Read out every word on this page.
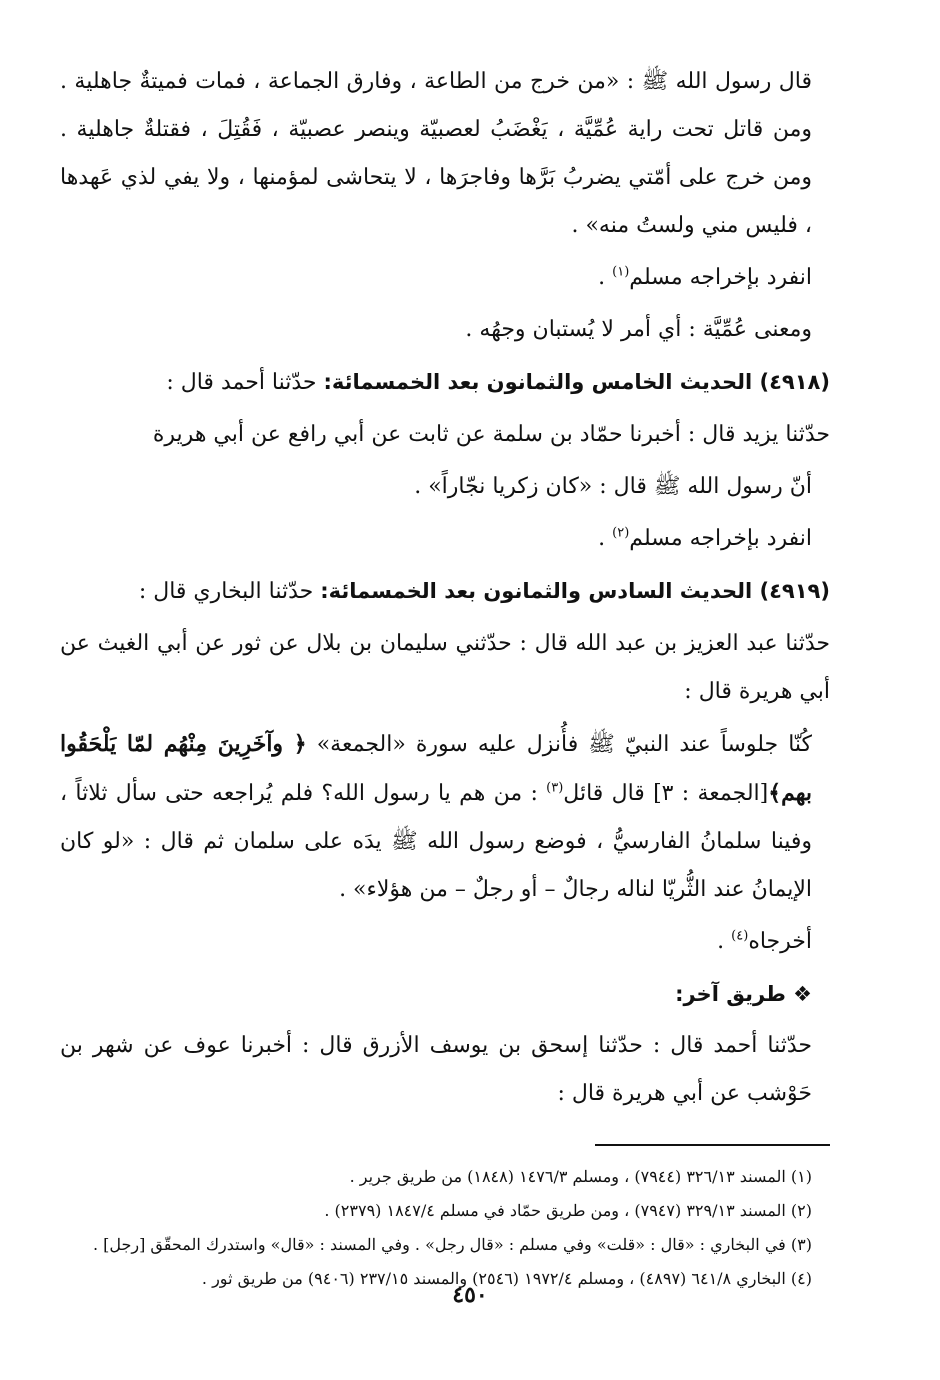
قال رسول الله ﷺ : «من خرج من الطاعة ، وفارق الجماعة ، فمات فميتةٌ جاهلية . ومن قاتل تحت راية عُمِّيَّة ، يَغْضَبُ لعصبيّة وينصر عصبيّة ، فَقُتِلَ ، فقتلةٌ جاهلية . ومن خرج على أمّتي يضربُ بَرَّها وفاجرَها ، لا يتحاشى لمؤمنها ، ولا يفي لذي عَهدها ، فليس مني ولستُ منه» .

انفرد بإخراجه مسلم$^{(١)}$ .

ومعنى عُمِّيَّة : أي أمر لا يُستبان وجهُه .

(٤٩١٨) الحديث الخامس والثمانون بعد الخمسمائة: حدّثنا أحمد قال :

حدّثنا يزيد قال : أخبرنا حمّاد بن سلمة عن ثابت عن أبي رافع عن أبي هريرة

أنّ رسول الله ﷺ قال : «كان زكريا نجّاراً» .

انفرد بإخراجه مسلم$^{(٢)}$ .

(٤٩١٩) الحديث السادس والثمانون بعد الخمسمائة: حدّثنا البخاري قال :

حدّثنا عبد العزيز بن عبد الله قال : حدّثني سليمان بن بلال عن ثور عن أبي الغيث عن أبي هريرة قال :

كُنّا جلوساً عند النبيّ ﷺ فأُنزل عليه سورة «الجمعة» ﴿ وآخَرِينَ مِنْهُم لمّا يَلْحَقُوا بهم﴾[الجمعة : ٣] قال قائل$^{(٣)}$ : من هم يا رسول الله؟ فلم يُراجعه حتى سأل ثلاثاً ، وفينا سلمانُ الفارسيُّ ، فوضع رسول الله ﷺ يدَه على سلمان ثم قال : «لو كان الإيمانُ عند الثُّريّا لناله رجالٌ – أو رجلٌ – من هؤلاء» .

أخرجاه$^{(٤)}$ .

❖ طريق آخر:

حدّثنا أحمد قال : حدّثنا إسحق بن يوسف الأزرق قال : أخبرنا عوف عن شهر بن حَوْشب عن أبي هريرة قال :

(١) المسند ٣٢٦/١٣ (٧٩٤٤) ، ومسلم ١٤٧٦/٣ (١٨٤٨) من طريق جرير .
(٢) المسند ٣٢٩/١٣ (٧٩٤٧) ، ومن طريق حمّاد في مسلم ١٨٤٧/٤ (٢٣٧٩) .
(٣) في البخاري : «قال : «قلت» وفي مسلم : «قال رجل» . وفي المسند : «قال» واستدرك المحقّق [رجل] .
(٤) البخاري ٦٤١/٨ (٤٨٩٧) ، ومسلم ١٩٧٢/٤ (٢٥٤٦) والمسند ٢٣٧/١٥ (٩٤٠٦) من طريق ثور .
٤٥٠
